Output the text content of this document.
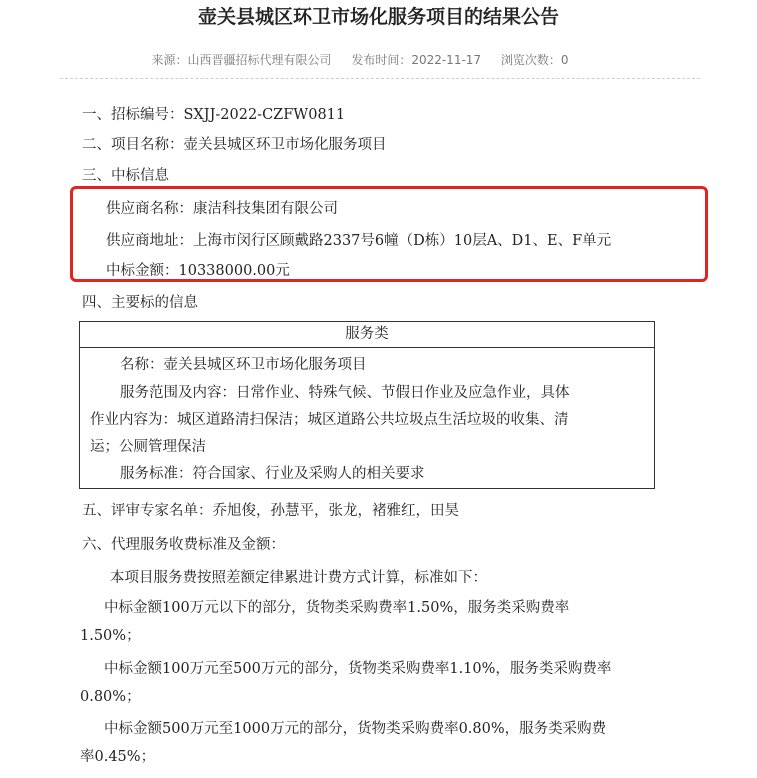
壶关县城区环卫市场化服务项目的结果公告
来源：山西晋疆招标代理有限公司 发布时间：2022-11-17 浏览次数：0
一、招标编号：SXJJ-2022-CZFW0811
二、项目名称：壶关县城区环卫市场化服务项目
三、中标信息
供应商名称：康洁科技集团有限公司
供应商地址：上海市闵行区顾戴路2337号6幢（D栋）10层A、D1、E、F单元
中标金额：10338000.00元
四、主要标的信息
服务类
名称：壶关县城区环卫市场化服务项目
服务范围及内容：日常作业、特殊气候、节假日作业及应急作业，具体
作业内容为：城区道路清扫保洁；城区道路公共垃圾点生活垃圾的收集、清
运；公厕管理保洁
服务标准：符合国家、行业及采购人的相关要求
五、评审专家名单：乔旭俊，孙慧平，张龙，褚雅红，田昊
六、代理服务收费标准及金额：
本项目服务费按照差额定律累进计费方式计算，标准如下：
中标金额100万元以下的部分，货物类采购费率1.50%，服务类采购费率
1.50%；
中标金额100万元至500万元的部分，货物类采购费率1.10%，服务类采购费率
0.80%；
中标金额500万元至1000万元的部分，货物类采购费率0.80%，服务类采购费
率0.45%；
